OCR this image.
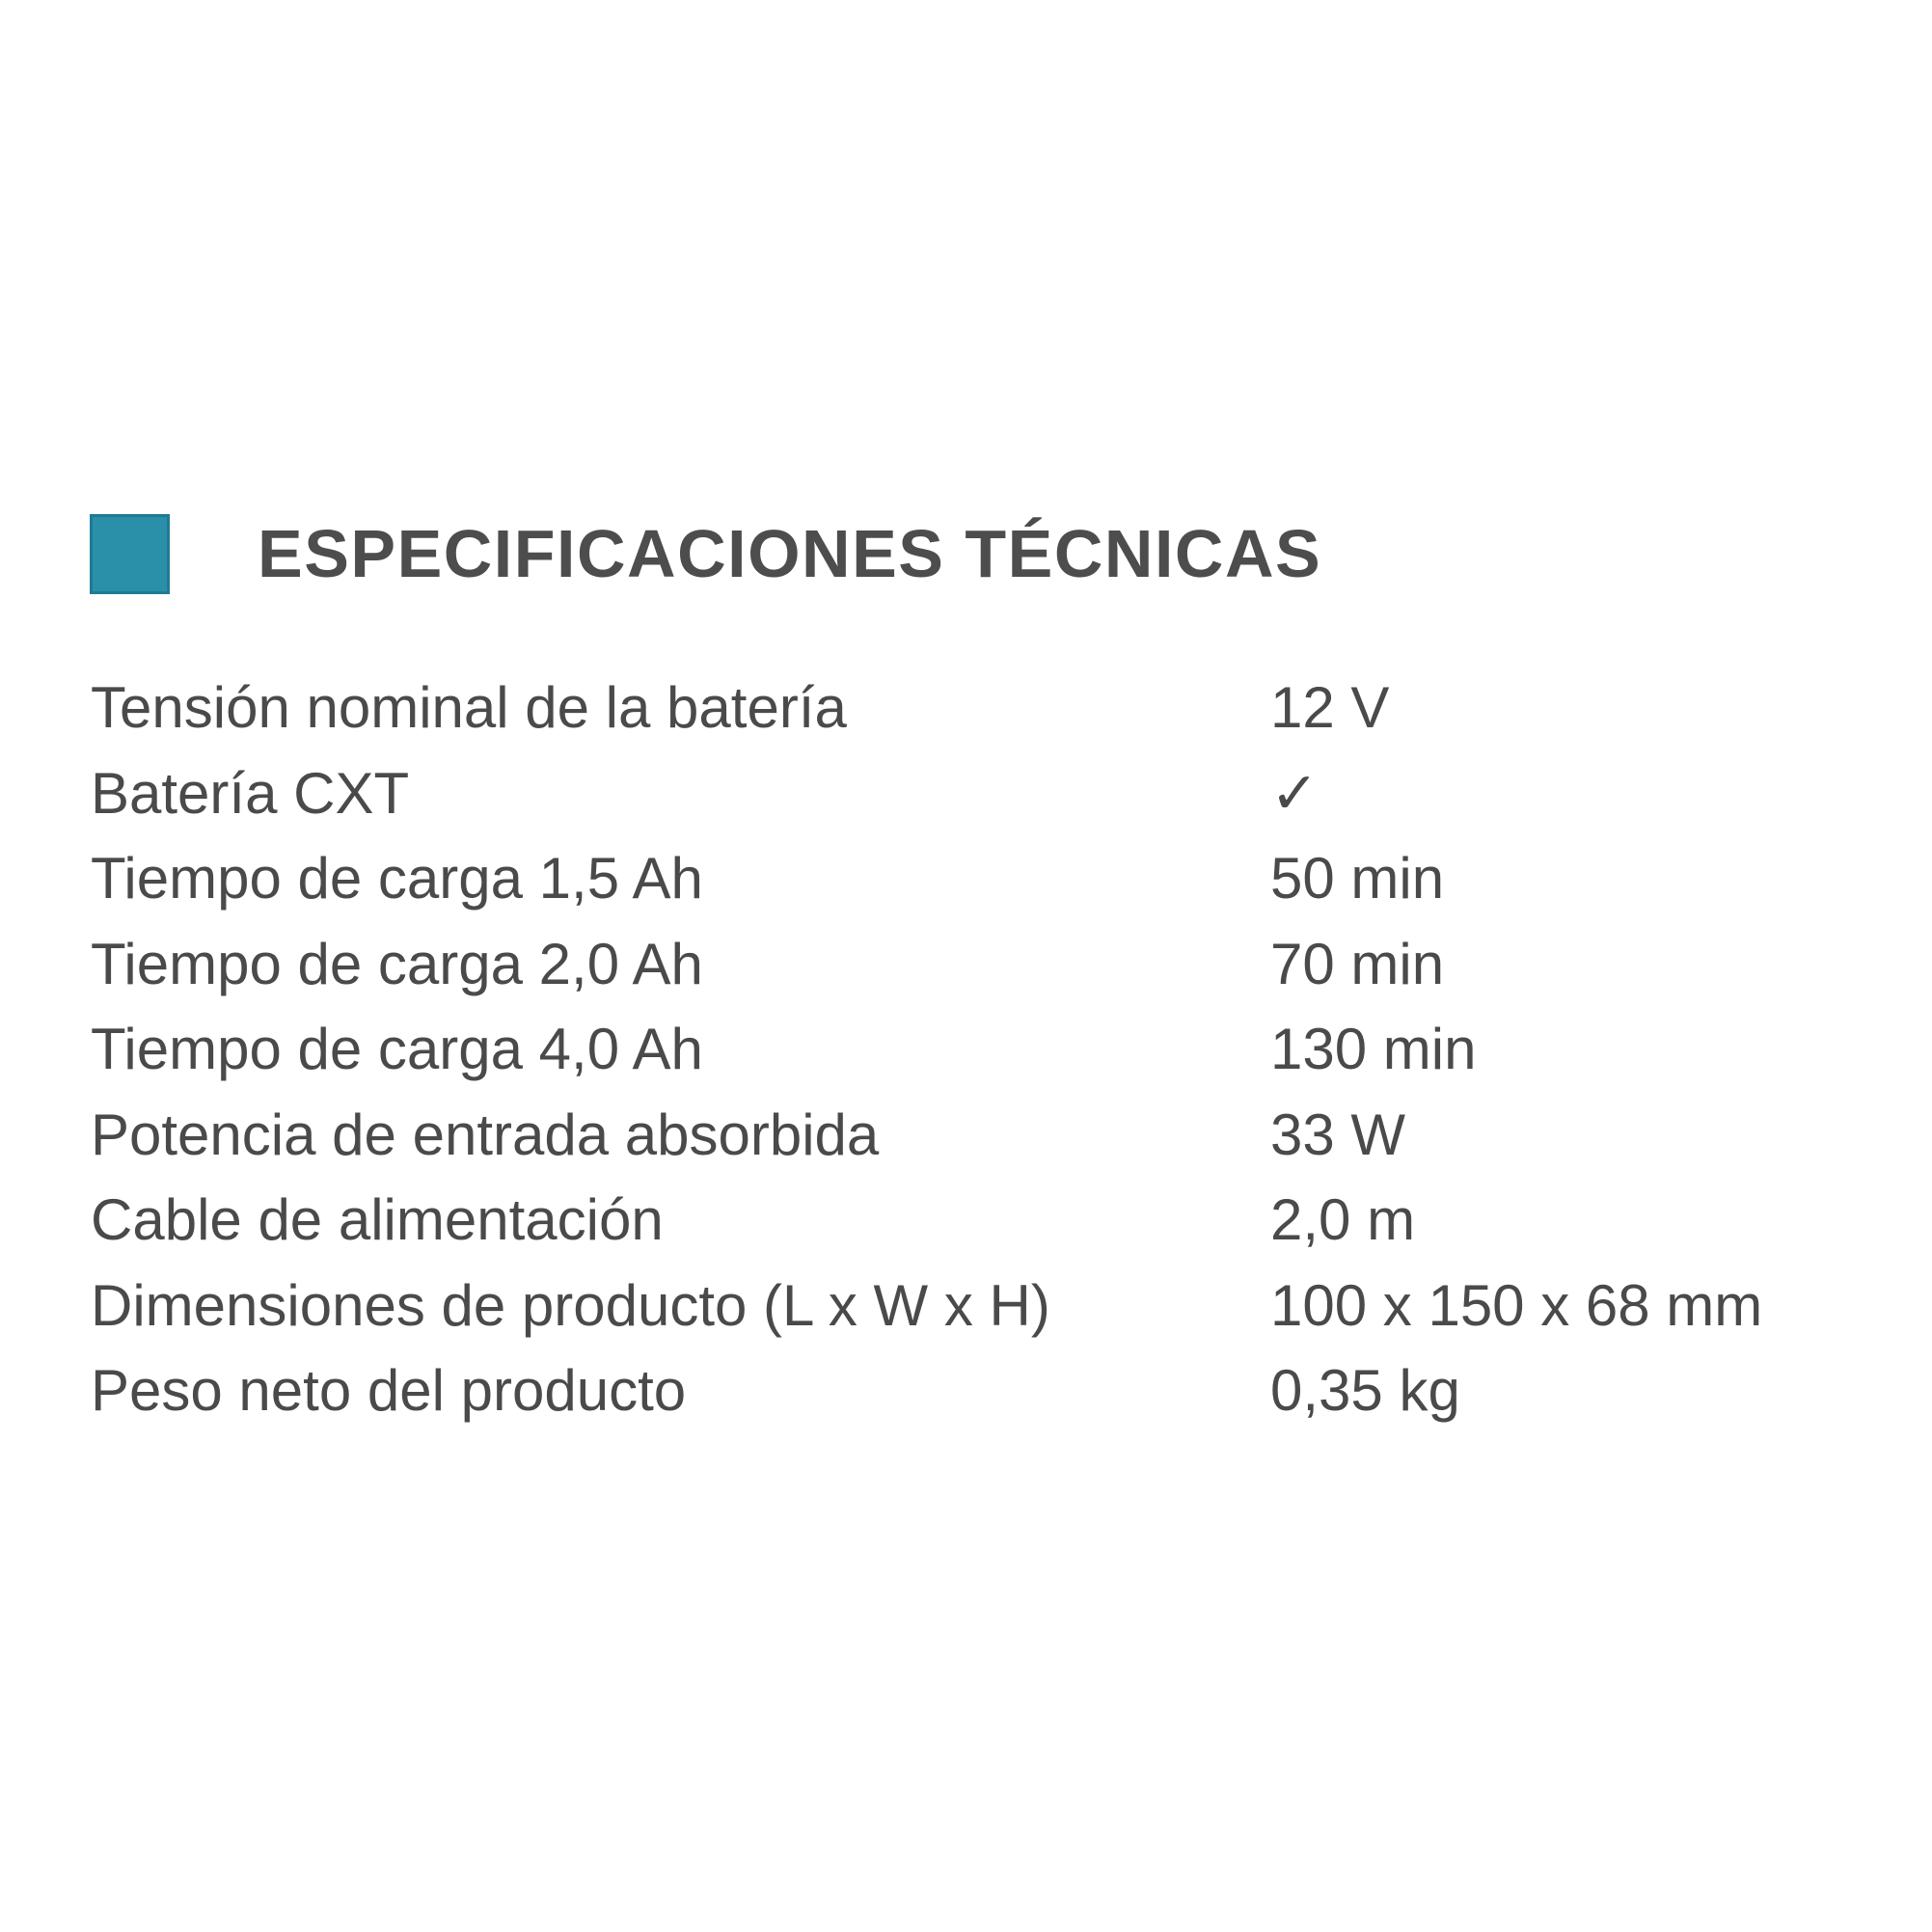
ESPECIFICACIONES TÉCNICAS
Tensión nominal de la batería	12 V
Batería CXT	✓
Tiempo de carga 1,5 Ah	50 min
Tiempo de carga 2,0 Ah	70 min
Tiempo de carga 4,0 Ah	130 min
Potencia de entrada absorbida	33 W
Cable de alimentación	2,0 m
Dimensiones de producto (L x W x H)	100 x 150 x 68 mm
Peso neto del producto	0,35 kg
